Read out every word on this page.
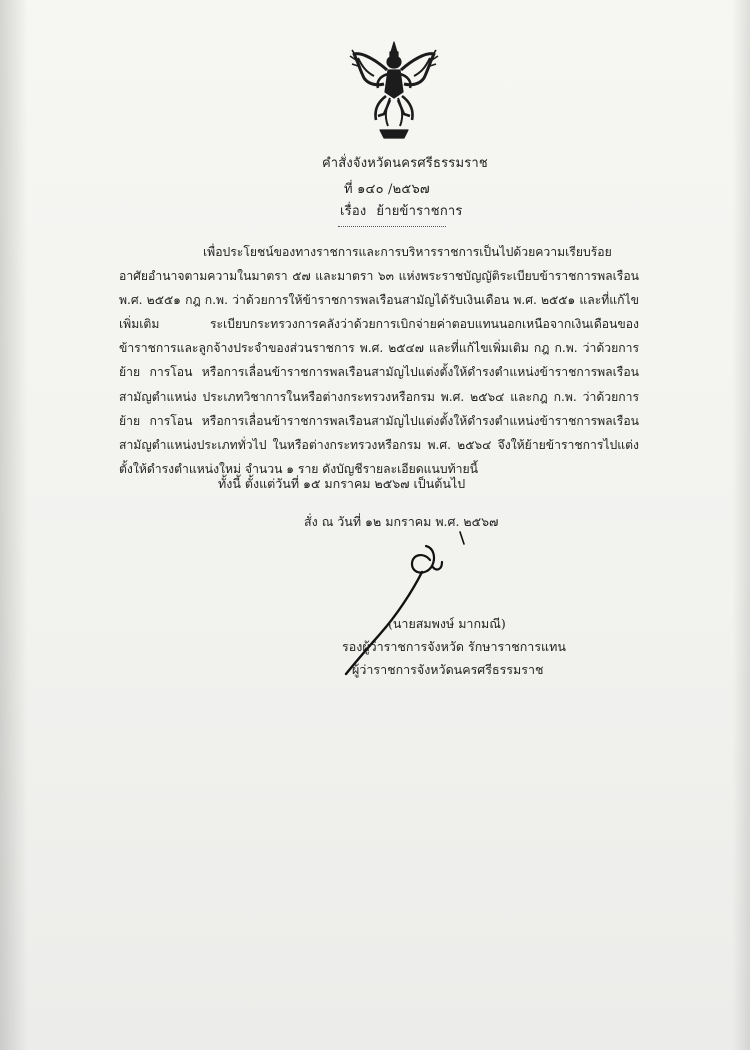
คำสั่งจังหวัดนครศรีธรรมราช
ที่ ๑๔๐ /๒๕๖๗
เรื่อง ย้ายข้าราชการ

เพื่อประโยชน์ของทางราชการและการบริหารราชการเป็นไปด้วยความเรียบร้อย อาศัยอำนาจตามความในมาตรา ๕๗ และมาตรา ๖๓ แห่งพระราชบัญญัติระเบียบข้าราชการพลเรือน พ.ศ. ๒๕๕๑ กฎ ก.พ. ว่าด้วยการให้ข้าราชการพลเรือนสามัญได้รับเงินเดือน พ.ศ. ๒๕๕๑ และที่แก้ไขเพิ่มเติม ระเบียบกระทรวงการคลังว่าด้วยการเบิกจ่ายค่าตอบแทนนอกเหนือจากเงินเดือนของข้าราชการและลูกจ้างประจำของส่วนราชการ พ.ศ. ๒๕๔๗ และที่แก้ไขเพิ่มเติม กฎ ก.พ. ว่าด้วยการย้าย การโอน หรือการเลื่อนข้าราชการพลเรือนสามัญไปแต่งตั้งให้ดำรงตำแหน่งข้าราชการพลเรือนสามัญตำแหน่ง ประเภทวิชาการในหรือต่างกระทรวงหรือกรม พ.ศ. ๒๕๖๔ และกฎ ก.พ. ว่าด้วยการย้าย การโอน หรือการเลื่อนข้าราชการพลเรือนสามัญไปแต่งตั้งให้ดำรงตำแหน่งข้าราชการพลเรือนสามัญตำแหน่งประเภททั่วไป ในหรือต่างกระทรวงหรือกรม พ.ศ. ๒๕๖๔ จึงให้ย้ายข้าราชการไปแต่งตั้งให้ดำรงตำแหน่งใหม่ จำนวน ๑ ราย ดังบัญชีรายละเอียดแนบท้ายนี้

ทั้งนี้ ตั้งแต่วันที่ ๑๕ มกราคม ๒๕๖๗ เป็นต้นไป
สั่ง ณ วันที่ ๑๒ มกราคม พ.ศ. ๒๕๖๗
(นายสมพงษ์ มากมณี)
รองผู้ว่าราชการจังหวัด รักษาราชการแทน
ผู้ว่าราชการจังหวัดนครศรีธรรมราช
